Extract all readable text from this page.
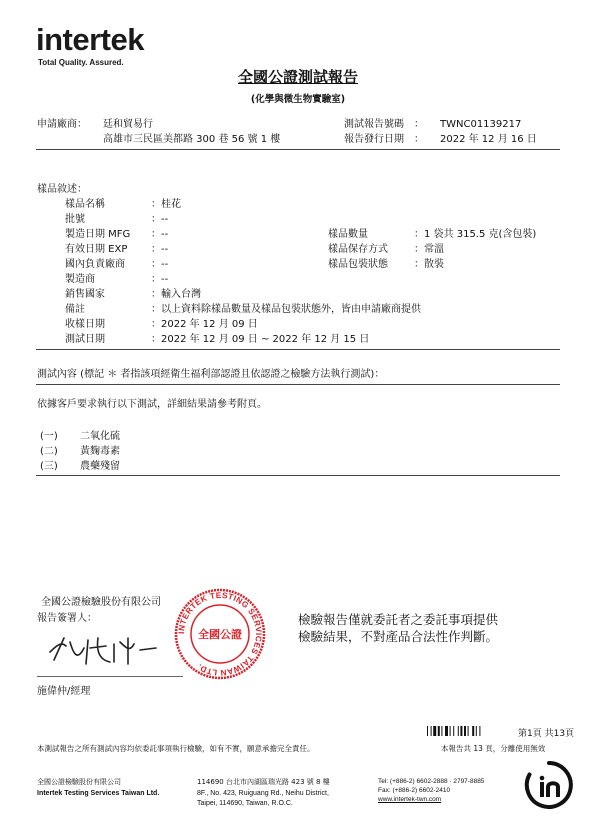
intertek
Total Quality. Assured.
全國公證測試報告
(化學與微生物實驗室)
申請廠商： 廷和貿易行
高雄市三民區美都路 300 巷 56 號 1 樓
測試報告號碼 ： TWNC01139217
報告發行日期 ： 2022 年 12 月 16 日
樣品敘述：
樣品名稱	： 桂花
批號	： --
製造日期 MFG ： --
有效日期 EXP ： --
國內負責廠商	： --
製造商	： --
銷售國家	： 輸入台灣
備註	： 以上資料除樣品數量及樣品包裝狀態外，皆由申請廠商提供
收樣日期	： 2022 年 12 月 09 日
測試日期	： 2022 年 12 月 09 日 ~ 2022 年 12 月 15 日
樣品數量	： 1 袋共 315.5 克(含包裝)
樣品保存方式	： 常溫
樣品包裝狀態	： 散裝
測試內容 (標記 ＊ 者指該項經衛生福利部認證且依認證之檢驗方法執行測試)：
依據客戶要求執行以下測試，詳細結果請參考附頁。
(一) 二氧化硫
(二) 黃麴毒素
(三) 農藥殘留
全國公證檢驗股份有限公司
報告簽署人：
施偉仲/經理
INTERTEK TESTING SERVICES TAIWAN LTD.
全國公證
檢驗報告僅就委託者之委託事項提供
檢驗結果，不對產品合法性作判斷。
第1頁 共13頁
本測試報告之所有測試內容均依委託事項執行檢驗，如有不實，願意承擔完全責任。	本報告共 13 頁，分離使用無效
全國公證檢驗股份有限公司
Intertek Testing Services Taiwan Ltd.
114690 台北市內湖區瑞光路 423 號 8 樓
8F., No. 423, Ruiguang Rd., Neihu District,
Taipei, 114690, Taiwan, R.O.C.
Tel: (+886-2) 6602-2888 · 2797-8885
Fax: (+886-2) 6602-2410
www.intertek-twn.com
